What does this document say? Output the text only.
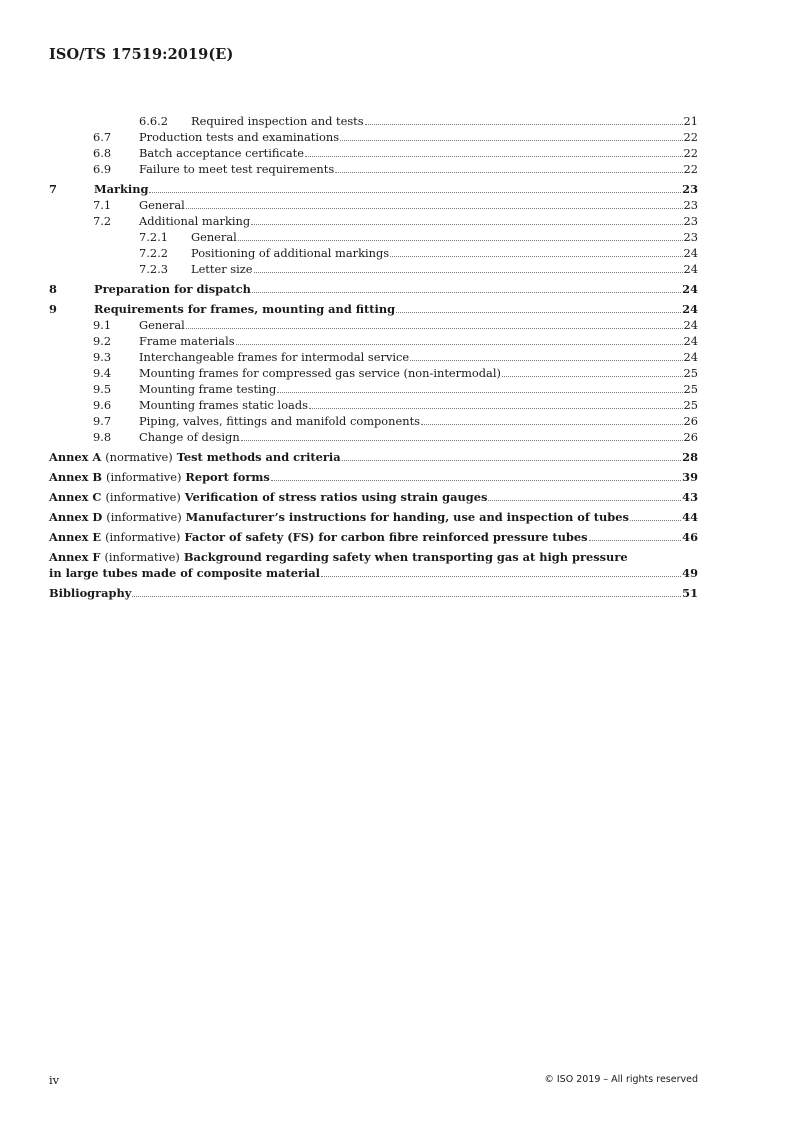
ISO/TS 17519:2019(E)
6.6.2 Required inspection and tests	21
6.7 Production tests and examinations	22
6.8 Batch acceptance certificate	22
6.9 Failure to meet test requirements	22
7	Marking	23
7.1 General	23
7.2 Additional marking	23
7.2.1 General	23
7.2.2 Positioning of additional markings	24
7.2.3 Letter size	24
8	Preparation for dispatch	24
9	Requirements for frames, mounting and fitting	24
9.1 General	24
9.2 Frame materials	24
9.3 Interchangeable frames for intermodal service	24
9.4 Mounting frames for compressed gas service (non-intermodal)	25
9.5 Mounting frame testing	25
9.6 Mounting frames static loads	25
9.7 Piping, valves, fittings and manifold components	26
9.8 Change of design	26
Annex A (normative) Test methods and criteria	28
Annex B (informative) Report forms	39
Annex C (informative) Verification of stress ratios using strain gauges	43
Annex D (informative) Manufacturer’s instructions for handing, use and inspection of tubes	44
Annex E (informative) Factor of safety (FS) for carbon fibre reinforced pressure tubes	46
Annex F (informative) Background regarding safety when transporting gas at high pressure
in large tubes made of composite material	49
Bibliography	51
iv	© ISO 2019 – All rights reserved
